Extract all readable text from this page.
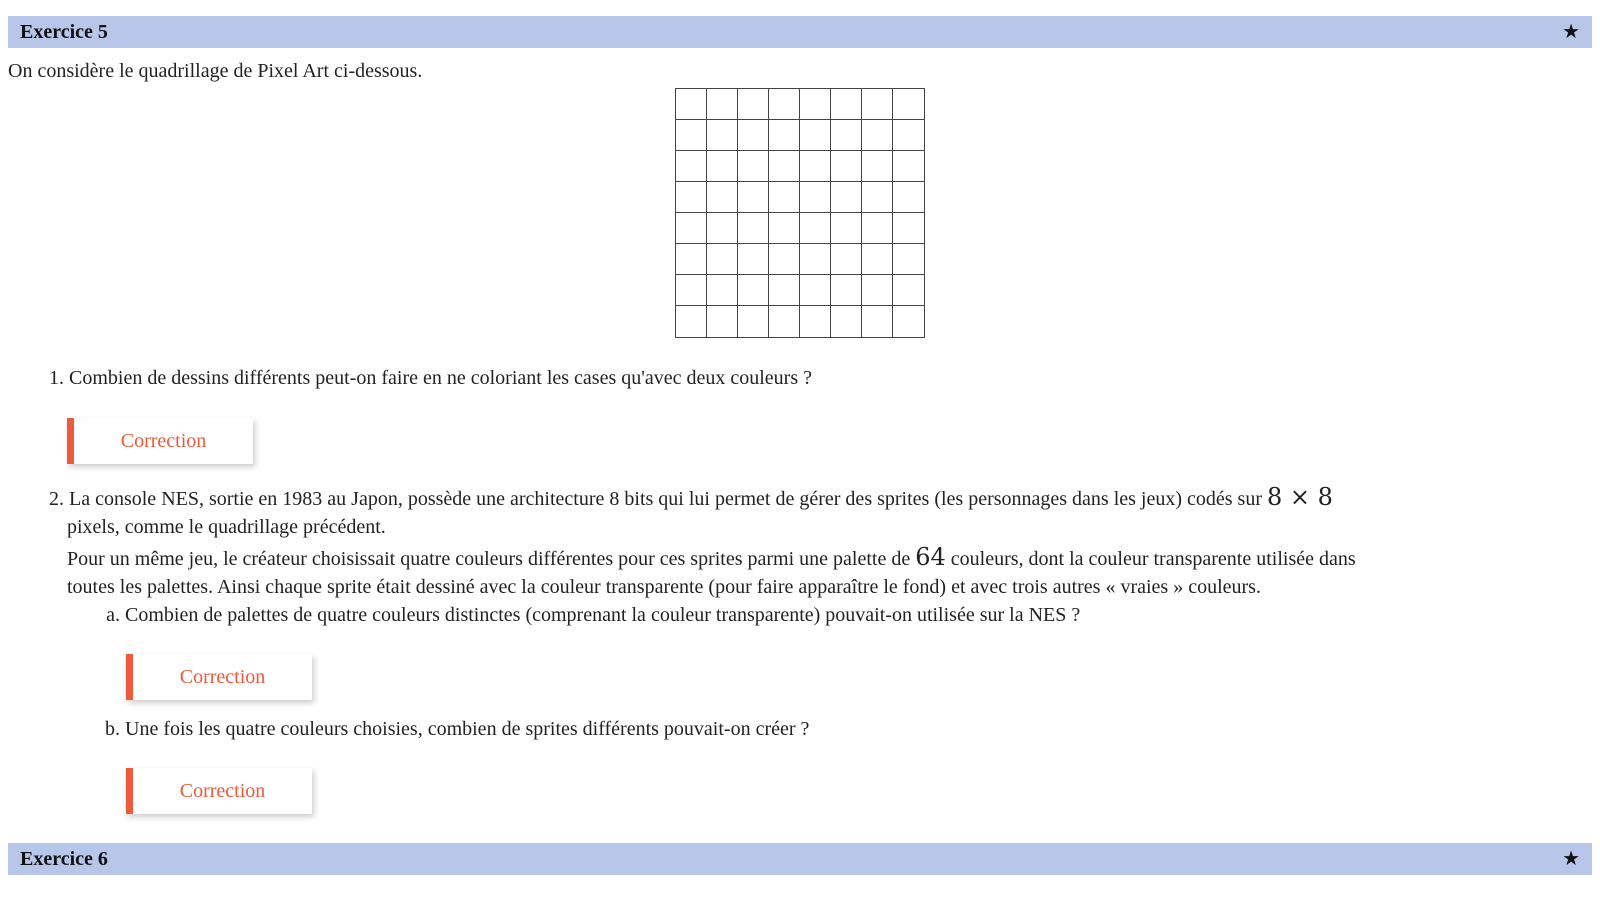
Exercice 5	★
On considère le quadrillage de Pixel Art ci-dessous.
1. Combien de dessins différents peut-on faire en ne coloriant les cases qu'avec deux couleurs ?
Correction
2. La console NES, sortie en 1983 au Japon, possède une architecture 8 bits qui lui permet de gérer des sprites (les personnages dans les jeux) codés sur 8 × 8
pixels, comme le quadrillage précédent.
Pour un même jeu, le créateur choisissait quatre couleurs différentes pour ces sprites parmi une palette de 64 couleurs, dont la couleur transparente utilisée dans
toutes les palettes. Ainsi chaque sprite était dessiné avec la couleur transparente (pour faire apparaître le fond) et avec trois autres « vraies » couleurs.
a. Combien de palettes de quatre couleurs distinctes (comprenant la couleur transparente) pouvait-on utilisée sur la NES ?
Correction
b. Une fois les quatre couleurs choisies, combien de sprites différents pouvait-on créer ?
Correction
Exercice 6	★
